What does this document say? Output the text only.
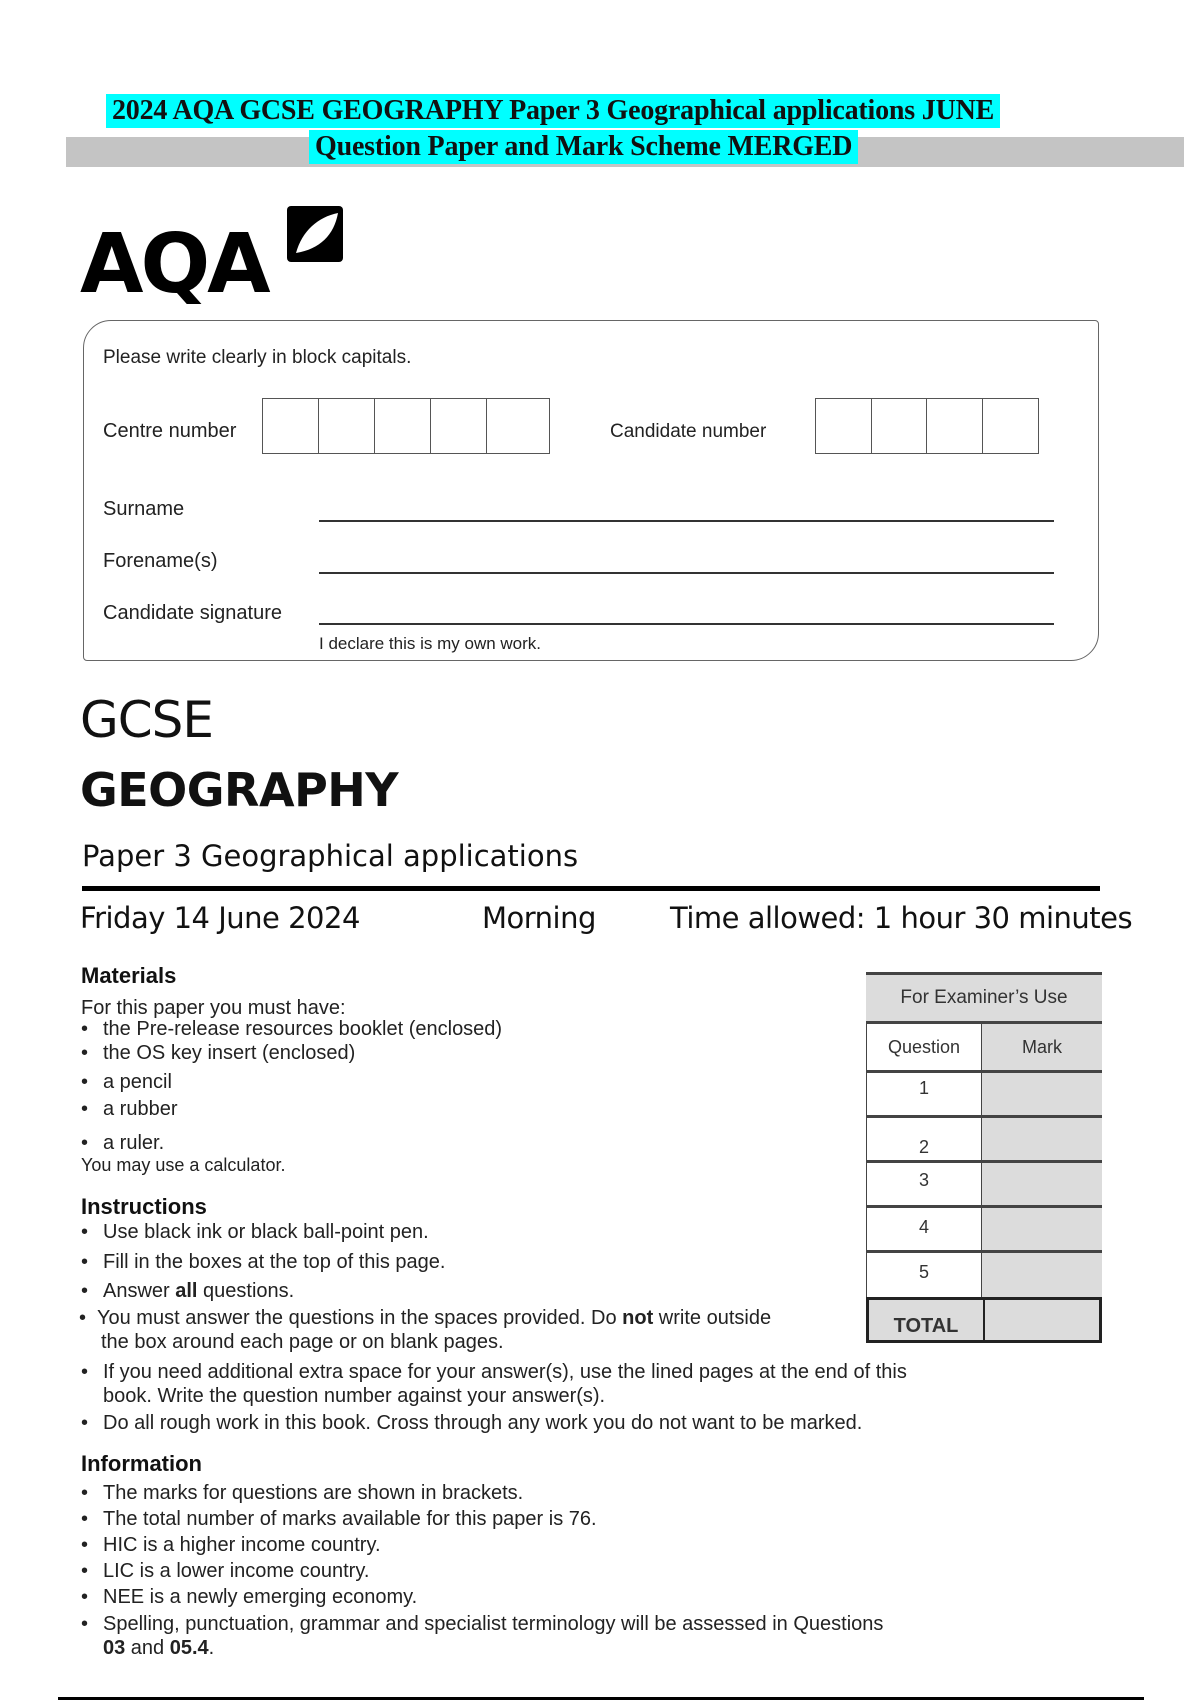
2024 AQA GCSE GEOGRAPHY Paper 3 Geographical applications JUNE
Question Paper and Mark Scheme MERGED
AQA
Please write clearly in block capitals.
Centre number	Candidate number
Surname
Forename(s)
Candidate signature
I declare this is my own work.
GCSE
GEOGRAPHY
Paper 3 Geographical applications
Friday 14 June 2024	Morning	Time allowed: 1 hour 30 minutes
Materials
For this paper you must have:
• the Pre-release resources booklet (enclosed)
• the OS key insert (enclosed)
• a pencil
• a rubber
• a ruler.
You may use a calculator.
Instructions
• Use black ink or black ball-point pen.
• Fill in the boxes at the top of this page.
• Answer all questions.
• You must answer the questions in the spaces provided. Do not write outside
the box around each page or on blank pages.
• If you need additional extra space for your answer(s), use the lined pages at the end of this
book. Write the question number against your answer(s).
• Do all rough work in this book. Cross through any work you do not want to be marked.
Information
• The marks for questions are shown in brackets.
• The total number of marks available for this paper is 76.
• HIC is a higher income country.
• LIC is a lower income country.
• NEE is a newly emerging economy.
• Spelling, punctuation, grammar and specialist terminology will be assessed in Questions
03 and 05.4.
For Examiner’s Use
Question	Mark
1
2
3
4
5
TOTAL
